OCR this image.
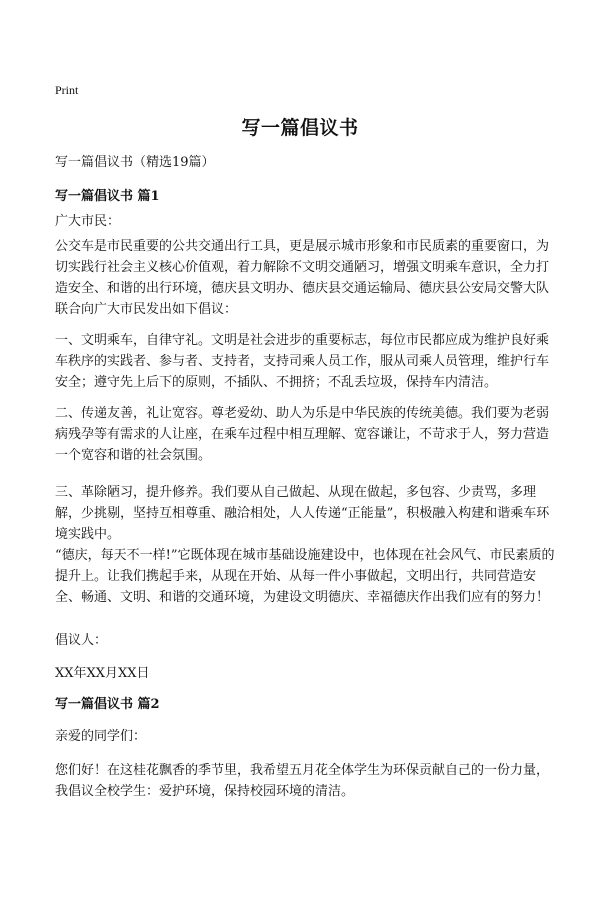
Print
写一篇倡议书
写一篇倡议书（精选19篇）
写一篇倡议书 篇1
广大市民：
公交车是市民重要的公共交通出行工具，更是展示城市形象和市民质素的重要窗口，为切实践行社会主义核心价值观，着力解除不文明交通陋习，增强文明乘车意识，全力打造安全、和谐的出行环境，德庆县文明办、德庆县交通运输局、德庆县公安局交警大队联合向广大市民发出如下倡议：
一、文明乘车，自律守礼。文明是社会进步的重要标志，每位市民都应成为维护良好乘车秩序的实践者、参与者、支持者，支持司乘人员工作，服从司乘人员管理，维护行车安全；遵守先上后下的原则，不插队、不拥挤；不乱丢垃圾，保持车内清洁。
二、传递友善，礼让宽容。尊老爱幼、助人为乐是中华民族的传统美德。我们要为老弱病残孕等有需求的人让座，在乘车过程中相互理解、宽容谦让，不苛求于人，努力营造一个宽容和谐的社会氛围。
三、革除陋习，提升修养。我们要从自己做起、从现在做起，多包容、少责骂，多理解，少挑剔，坚持互相尊重、融洽相处，人人传递“正能量”，积极融入构建和谐乘车环境实践中。
“德庆，每天不一样!”它既体现在城市基础设施建设中，也体现在社会风气、市民素质的提升上。让我们携起手来，从现在开始、从每一件小事做起，文明出行，共同营造安全、畅通、文明、和谐的交通环境，为建设文明德庆、幸福德庆作出我们应有的努力！
倡议人：
XX年XX月XX日
写一篇倡议书 篇2
亲爱的同学们：
您们好！在这桂花飘香的季节里，我希望五月花全体学生为环保贡献自己的一份力量，我倡议全校学生：爱护环境，保持校园环境的清洁。
